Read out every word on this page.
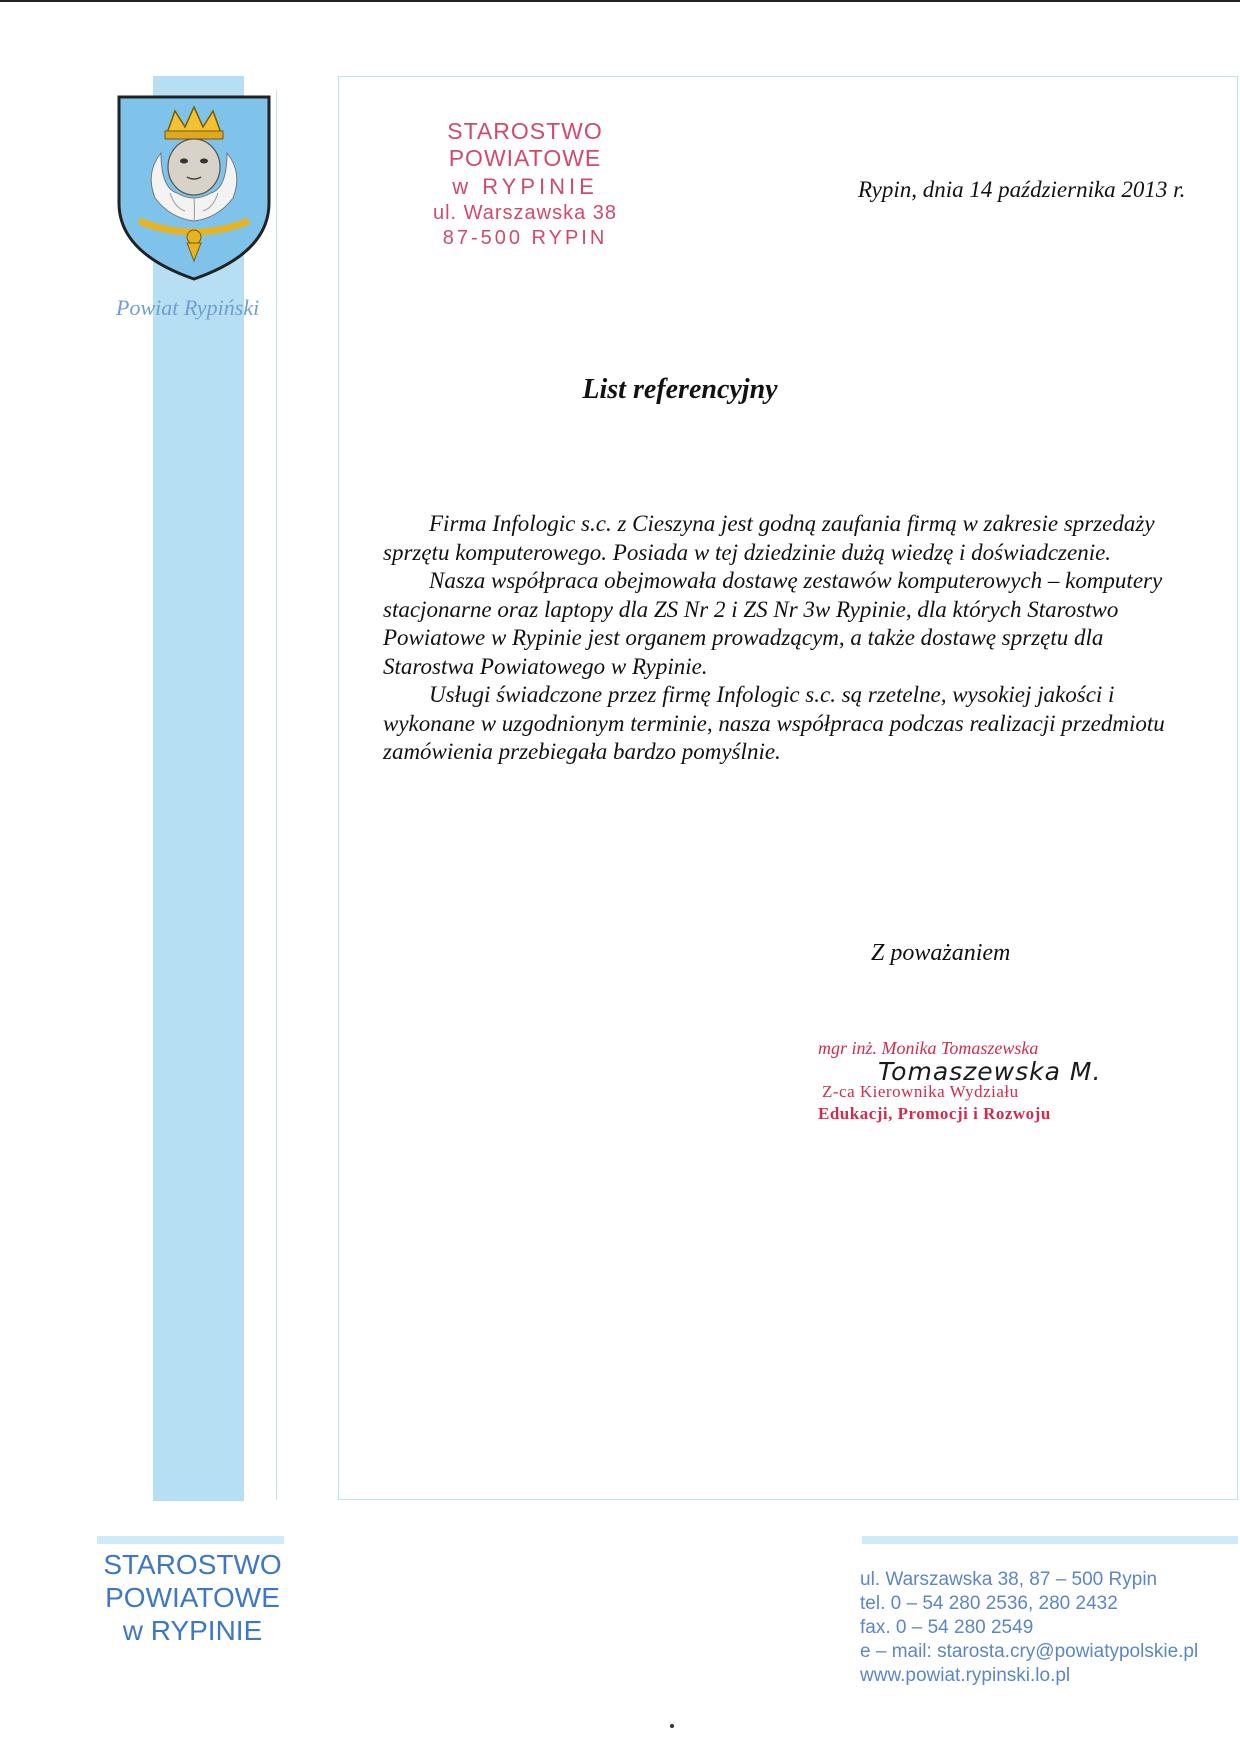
Powiat Rypiński
STAROSTWO POWIATOWE
w RYPINIE
ul. Warszawska 38
87-500 RYPIN
Rypin, dnia 14 października 2013 r.
List referencyjny

Firma Infologic s.c. z Cieszyna jest godną zaufania firmą w zakresie sprzedaży sprzętu komputerowego. Posiada w tej dziedzinie dużą wiedzę i doświadczenie.

Nasza współpraca obejmowała dostawę zestawów komputerowych – komputery stacjonarne oraz laptopy dla ZS Nr 2 i ZS Nr 3w Rypinie, dla których Starostwo Powiatowe w Rypinie jest organem prowadzącym, a także dostawę sprzętu dla Starostwa Powiatowego w Rypinie.

Usługi świadczone przez firmę Infologic s.c. są rzetelne, wysokiej jakości i wykonane w uzgodnionym terminie, nasza współpraca podczas realizacji przedmiotu zamówienia przebiegała bardzo pomyślnie.

Z poważaniem
mgr inż. Monika Tomaszewska
Tomaszewska M.
Z-ca Kierownika Wydziału
Edukacji, Promocji i Rozwoju
STAROSTWO
POWIATOWE
w RYPINIE
ul. Warszawska 38, 87 – 500 Rypin
tel. 0 – 54 280 2536, 280 2432
fax. 0 – 54 280 2549
e – mail: starosta.cry@powiatypolskie.pl
www.powiat.rypinski.lo.pl
